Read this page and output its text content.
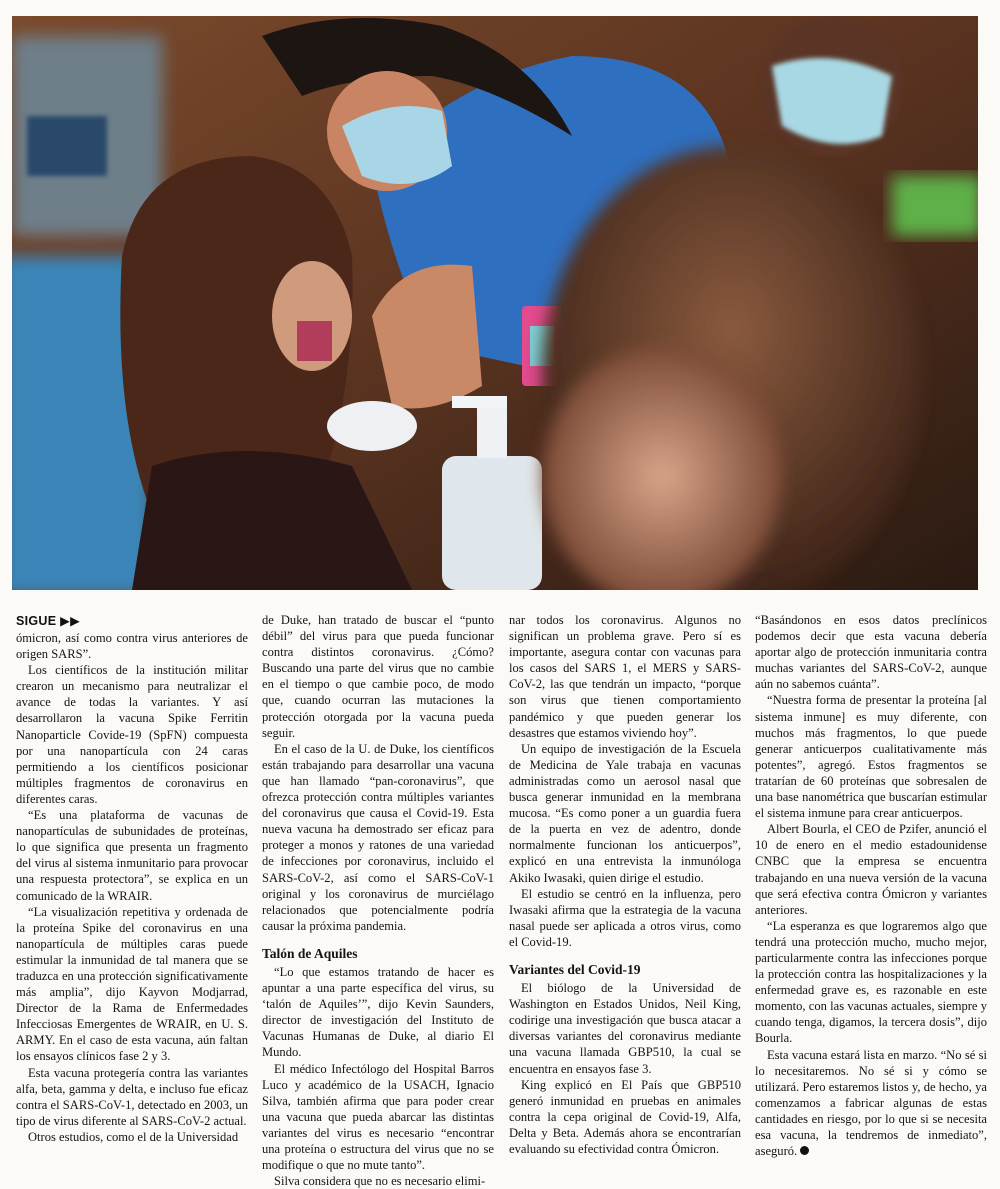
SIGUE ▶▶

ómicron, así como contra virus anteriores de origen SARS”.

Los científicos de la institución militar crearon un mecanismo para neutralizar el avance de todas la variantes. Y así desarrollaron la vacuna Spike Ferritin Nanoparticle Covide-19 (SpFN) compuesta por una nanopartícula con 24 caras permitiendo a los científicos posicionar múltiples fragmentos de coronavirus en diferentes caras.

“Es una plataforma de vacunas de nanopartículas de subunidades de proteínas, lo que significa que presenta un fragmento del virus al sistema inmunitario para provocar una respuesta protectora”, se explica en un comunicado de la WRAIR.

“La visualización repetitiva y ordenada de la proteína Spike del coronavirus en una nanopartícula de múltiples caras puede estimular la inmunidad de tal manera que se traduzca en una protección significativamente más amplia”, dijo Kayvon Modjarrad, Director de la Rama de Enfermedades Infecciosas Emergentes de WRAIR, en U. S. ARMY. En el caso de esta vacuna, aún faltan los ensayos clínicos fase 2 y 3.

Esta vacuna protegería contra las variantes alfa, beta, gamma y delta, e incluso fue eficaz contra el SARS-CoV-1, detectado en 2003, un tipo de virus diferente al SARS-CoV-2 actual.

Otros estudios, como el de la Universidad

de Duke, han tratado de buscar el “punto débil” del virus para que pueda funcionar contra distintos coronavirus. ¿Cómo? Buscando una parte del virus que no cambie en el tiempo o que cambie poco, de modo que, cuando ocurran las mutaciones la protección otorgada por la vacuna pueda seguir.

En el caso de la U. de Duke, los científicos están trabajando para desarrollar una vacuna que han llamado “pan-coronavirus”, que ofrezca protección contra múltiples variantes del coronavirus que causa el Covid-19. Esta nueva vacuna ha demostrado ser eficaz para proteger a monos y ratones de una variedad de infecciones por coronavirus, incluido el SARS-CoV-2, así como el SARS-CoV-1 original y los coronavirus de murciélago relacionados que potencialmente podría causar la próxima pandemia.

Talón de Aquiles

“Lo que estamos tratando de hacer es apuntar a una parte específica del virus, su ‘talón de Aquiles’”, dijo Kevin Saunders, director de investigación del Instituto de Vacunas Humanas de Duke, al diario El Mundo.

El médico Infectólogo del Hospital Barros Luco y académico de la USACH, Ignacio Silva, también afirma que para poder crear una vacuna que pueda abarcar las distintas variantes del virus es necesario “encontrar una proteína o estructura del virus que no se modifique o que no mute tanto”.

Silva considera que no es necesario elimi-

nar todos los coronavirus. Algunos no significan un problema grave. Pero sí es importante, asegura contar con vacunas para los casos del SARS 1, el MERS y SARS-CoV-2, las que tendrán un impacto, “porque son virus que tienen comportamiento pandémico y que pueden generar los desastres que estamos viviendo hoy”.

Un equipo de investigación de la Escuela de Medicina de Yale trabaja en vacunas administradas como un aerosol nasal que busca generar inmunidad en la membrana mucosa. “Es como poner a un guardia fuera de la puerta en vez de adentro, donde normalmente funcionan los anticuerpos”, explicó en una entrevista la inmunóloga Akiko Iwasaki, quien dirige el estudio.

El estudio se centró en la influenza, pero Iwasaki afirma que la estrategia de la vacuna nasal puede ser aplicada a otros virus, como el Covid-19.

Variantes del Covid-19

El biólogo de la Universidad de Washington en Estados Unidos, Neil King, codirige una investigación que busca atacar a diversas variantes del coronavirus mediante una vacuna llamada GBP510, la cual se encuentra en ensayos fase 3.

King explicó en El País que GBP510 generó inmunidad en pruebas en animales contra la cepa original de Covid-19, Alfa, Delta y Beta. Además ahora se encontrarían evaluando su efectividad contra Ómicron.

“Basándonos en esos datos preclínicos podemos decir que esta vacuna debería aportar algo de protección inmunitaria contra muchas variantes del SARS-CoV-2, aunque aún no sabemos cuánta”.

“Nuestra forma de presentar la proteína [al sistema inmune] es muy diferente, con muchos más fragmentos, lo que puede generar anticuerpos cualitativamente más potentes”, agregó. Estos fragmentos se tratarían de 60 proteínas que sobresalen de una base nanométrica que buscarían estimular el sistema inmune para crear anticuerpos.

Albert Bourla, el CEO de Pzifer, anunció el 10 de enero en el medio estadounidense CNBC que la empresa se encuentra trabajando en una nueva versión de la vacuna que será efectiva contra Ómicron y variantes anteriores.

“La esperanza es que lograremos algo que tendrá una protección mucho, mucho mejor, particularmente contra las infecciones porque la protección contra las hospitalizaciones y la enfermedad grave es, es razonable en este momento, con las vacunas actuales, siempre y cuando tenga, digamos, la tercera dosis”, dijo Bourla.

Esta vacuna estará lista en marzo. “No sé si lo necesitaremos. No sé si y cómo se utilizará. Pero estaremos listos y, de hecho, ya comenzamos a fabricar algunas de estas cantidades en riesgo, por lo que si se necesita esa vacuna, la tendremos de inmediato”, aseguró.
